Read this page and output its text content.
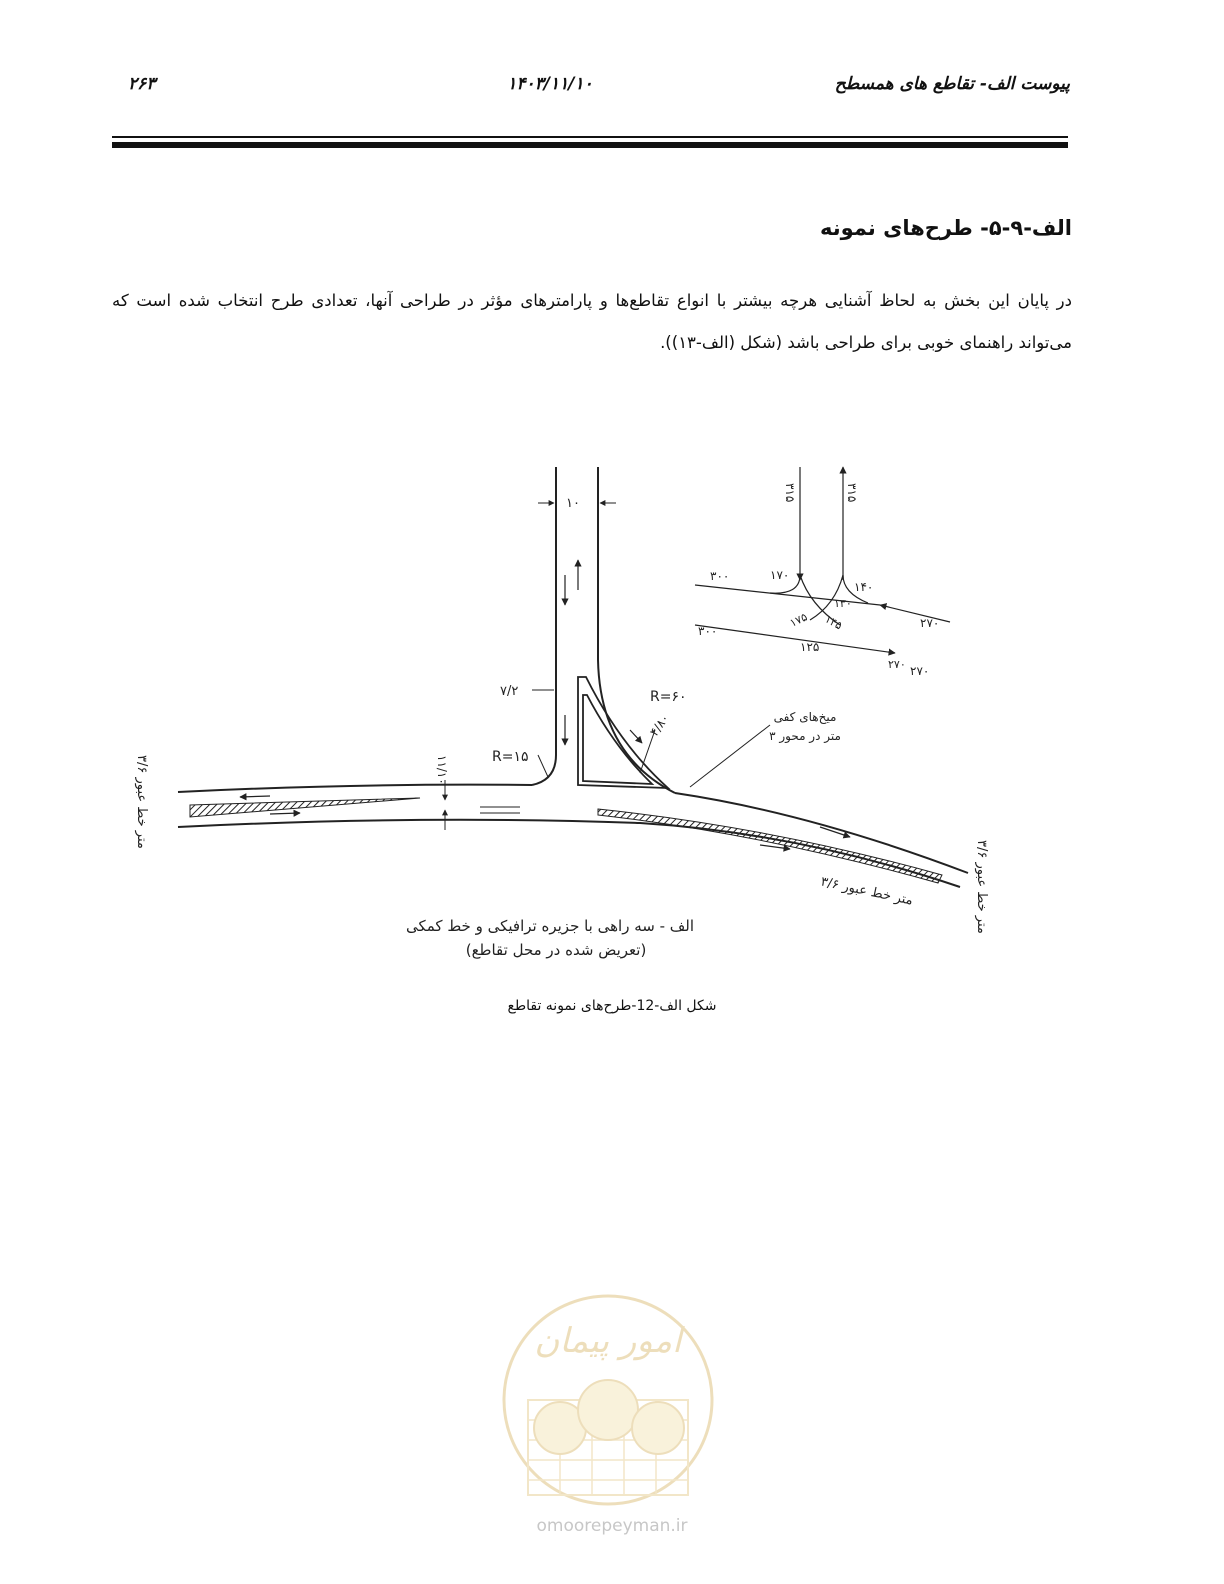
پیوست الف- تقاطع های همسطح
۱۴۰۳/۱۱/۱۰
۲۶۳
الف-۹-۵- طرح‌های نمونه
در پایان این بخش به لحاظ آشنایی هرچه بیشتر با انواع تقاطع‌ها و پارامترهای مؤثر در طراحی آنها، تعدادی طرح انتخاب شده است که می‌تواند راهنمای خوبی برای طراحی باشد (شکل (الف-۱۳)).
۱۰
۷/۲
۱۱/۱۰	R=۱۵
R=۶۰
۴/۸۰	میخ‌های کفی
۳ متر در محور
۳/۶ متر خط عبور
۳/۶ متر خط عبور
۳/۶ متر خط عبور
الف - سه راهی با جزیره ترافیکی و خط کمکی
(تعریض شده در محل تقاطع)
۳۱۵	۳۱۵
۳۰۰
۳۰۰
۱۷۰
۱۴۰
۱۳۰
۱۷۵ ۱۴۵
۱۲۵
۲۷۰
۲۷۰
۲۷۰
شکل الف-12-طرح‌های نمونه تقاطع
امور پیمان
omoorepeyman.ir
